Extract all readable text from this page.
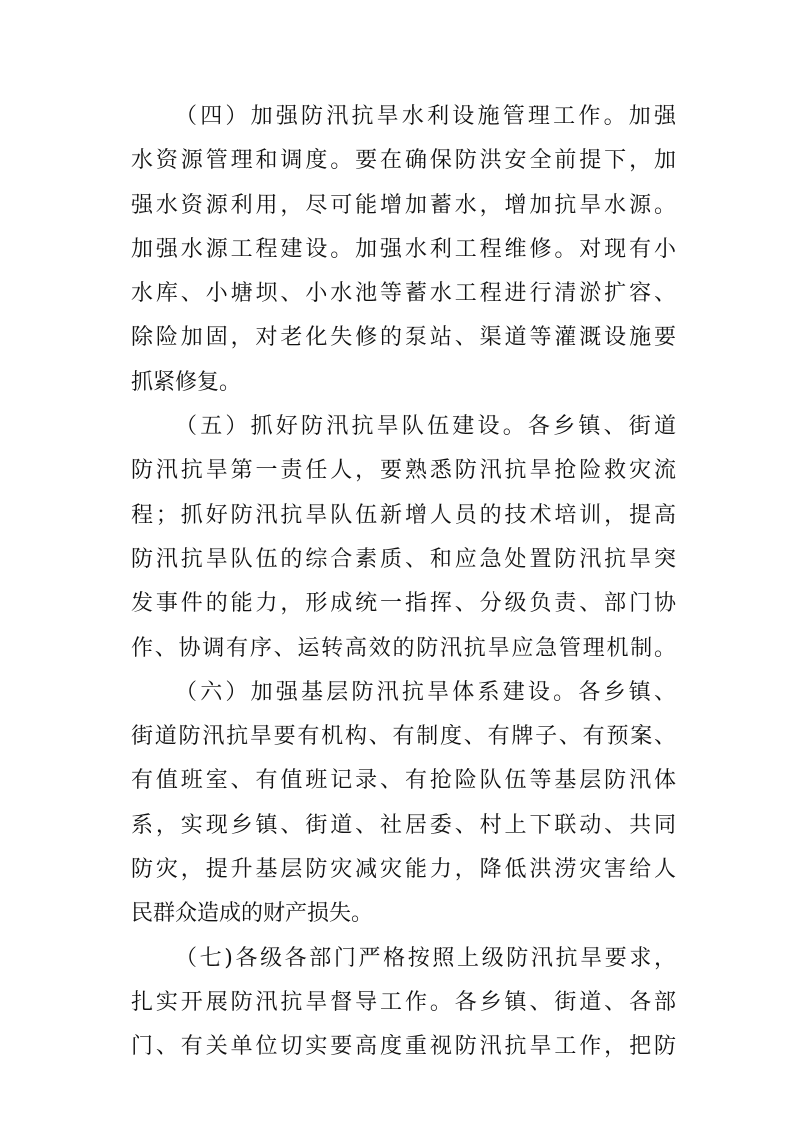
（四）加强防汛抗旱水利设施管理工作。加强
水资源管理和调度。要在确保防洪安全前提下，加
强水资源利用，尽可能增加蓄水，增加抗旱水源。
加强水源工程建设。加强水利工程维修。对现有小
水库、小塘坝、小水池等蓄水工程进行清淤扩容、
除险加固，对老化失修的泵站、渠道等灌溉设施要
抓紧修复。
（五）抓好防汛抗旱队伍建设。各乡镇、街道
防汛抗旱第一责任人，要熟悉防汛抗旱抢险救灾流
程；抓好防汛抗旱队伍新增人员的技术培训，提高
防汛抗旱队伍的综合素质、和应急处置防汛抗旱突
发事件的能力，形成统一指挥、分级负责、部门协
作、协调有序、运转高效的防汛抗旱应急管理机制。
（六）加强基层防汛抗旱体系建设。各乡镇、
街道防汛抗旱要有机构、有制度、有牌子、有预案、
有值班室、有值班记录、有抢险队伍等基层防汛体
系，实现乡镇、街道、社居委、村上下联动、共同
防灾，提升基层防灾减灾能力，降低洪涝灾害给人
民群众造成的财产损失。
（七)各级各部门严格按照上级防汛抗旱要求，
扎实开展防汛抗旱督导工作。各乡镇、街道、各部
门、有关单位切实要高度重视防汛抗旱工作，把防
